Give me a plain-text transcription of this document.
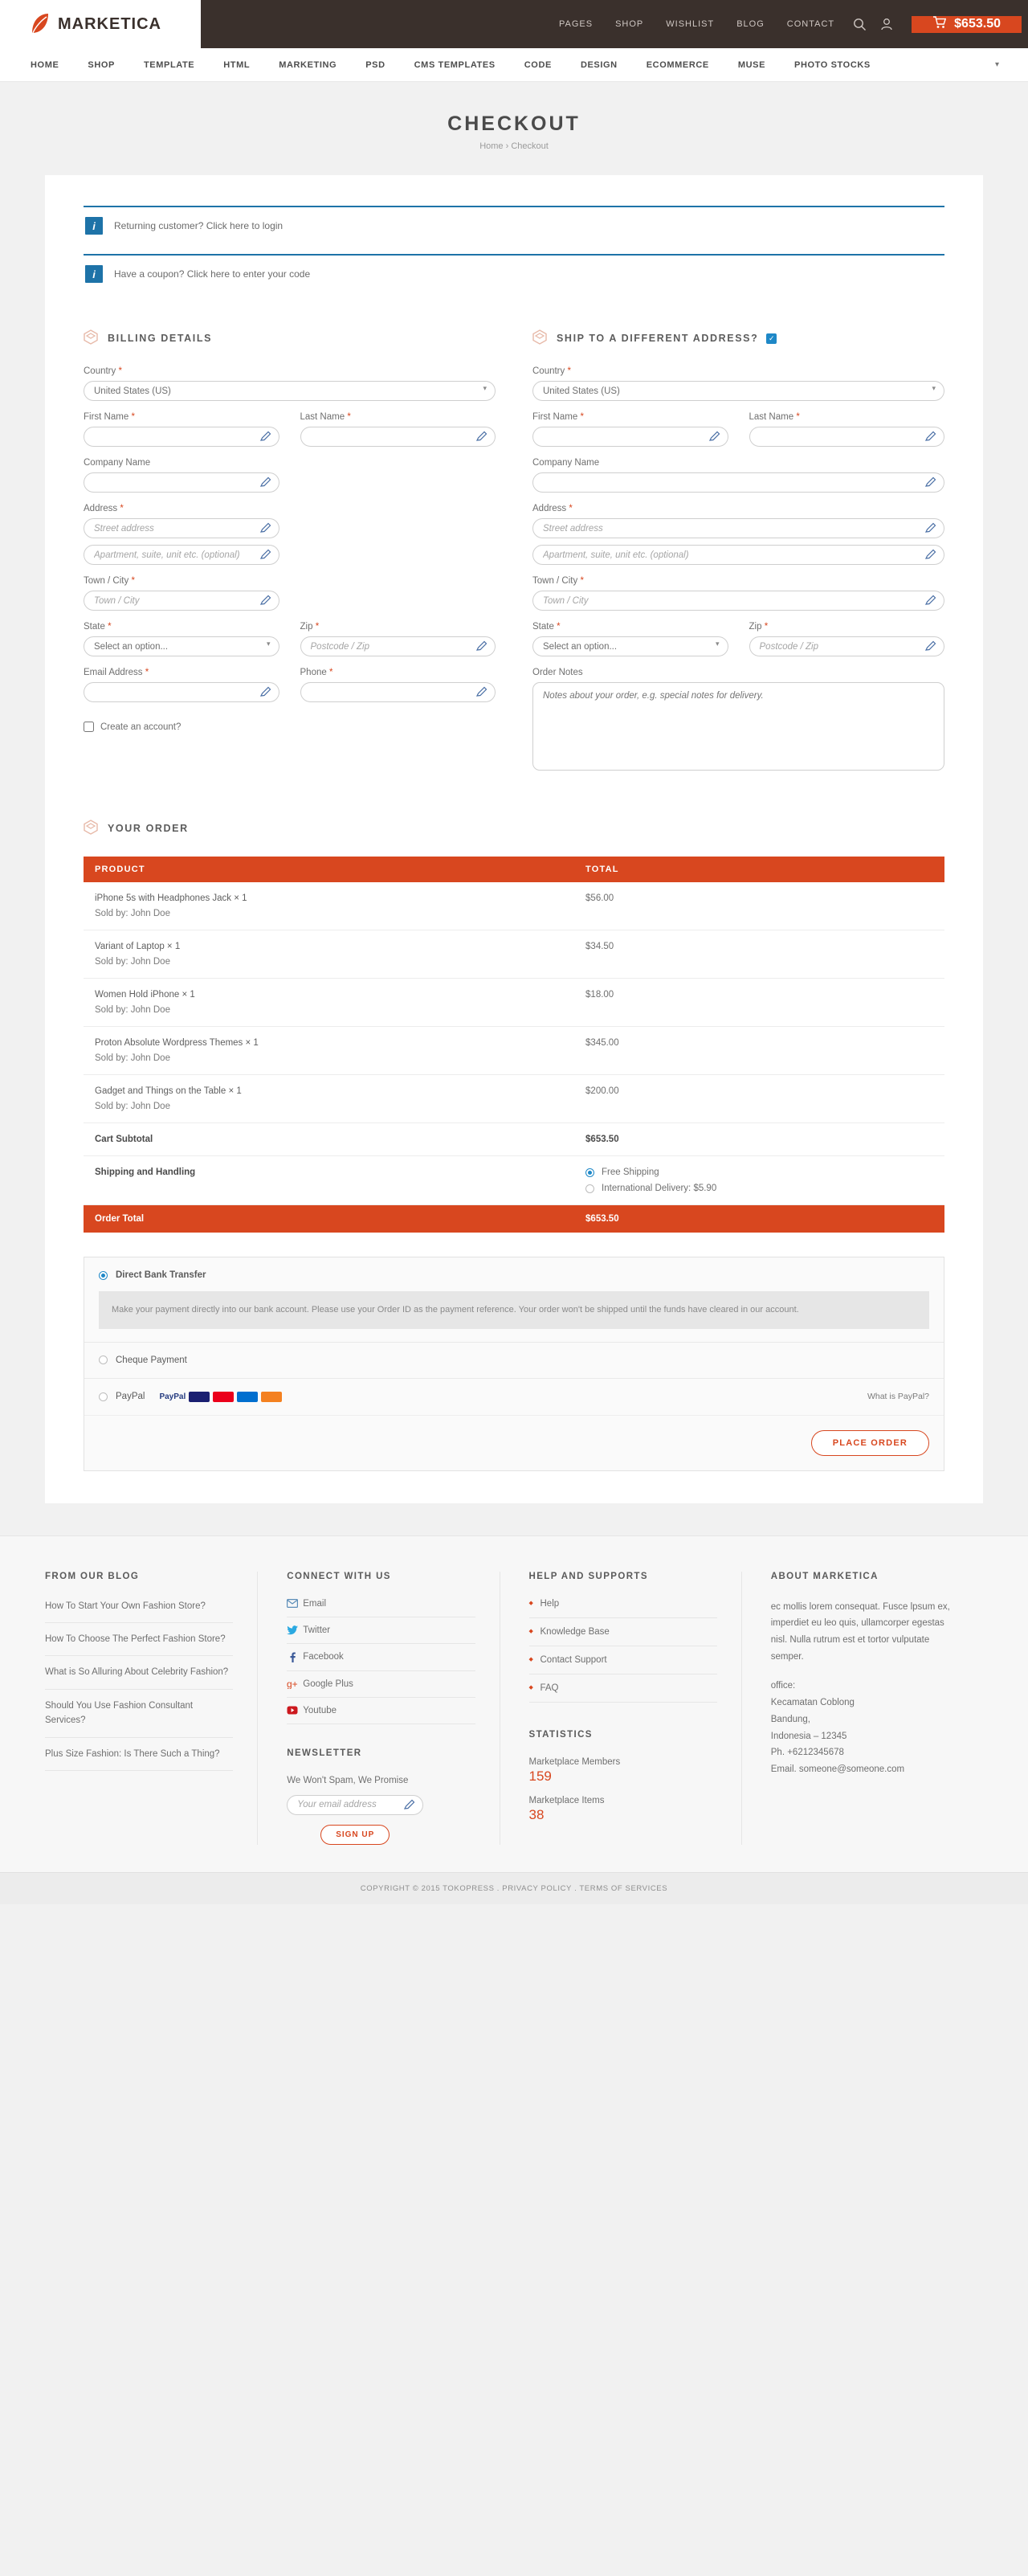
MARKETICA	PAGES	SHOP	WISHLIST	BLOG	CONTACT	$653.50
HOME	SHOP	TEMPLATE	HTML	MARKETING	PSD	CMS TEMPLATES	CODE	DESIGN	ECOMMERCE	MUSE	PHOTO STOCKS	▾
CHECKOUT
Home › Checkout
i	Returning customer? Click here to login
i	Have a coupon? Click here to enter your code
BILLING DETAILS
Country *
United States (US) ▾
First Name *	Last Name *
Company Name
Address *
Street address
Apartment, suite, unit etc. (optional)
Town / City *
Town / City
State *
Select an option... ▾	Zip *
Postcode / Zip
Email Address *	Phone *
Create an account?
SHIP TO A DIFFERENT ADDRESS?	✓
Country *
United States (US) ▾
First Name *	Last Name *
Company Name
Address *
Street address
Apartment, suite, unit etc. (optional)
Town / City *
Town / City
State *
Select an option... ▾	Zip *
Postcode / Zip
Order Notes
Notes about your order, e.g. special notes for delivery.
YOUR ORDER
PRODUCT	TOTAL

iPhone 5s with Headphones Jack × 1
Sold by: John Doe	$56.00

Variant of Laptop × 1
Sold by: John Doe	$34.50

Women Hold iPhone × 1
Sold by: John Doe	$18.00

Proton Absolute Wordpress Themes × 1
Sold by: John Doe	$345.00

Gadget and Things on the Table × 1
Sold by: John Doe	$200.00
Cart Subtotal	$653.50
Shipping and Handling	Free Shipping
International Delivery: $5.90

Order Total	$653.50
Direct Bank Transfer
Make your payment directly into our bank account. Please use your Order ID as the payment reference. Your order won't be shipped until the funds have cleared in our account.
Cheque Payment
PayPal PayPal	What is PayPal?
PLACE ORDER
FROM OUR BLOG
How To Start Your Own Fashion Store?
How To Choose The Perfect Fashion Store?
What is So Alluring About Celebrity Fashion?
Should You Use Fashion Consultant Services?
Plus Size Fashion: Is There Such a Thing?
CONNECT WITH US
Email
Twitter
Facebook
g+ Google Plus
Youtube
NEWSLETTER
We Won't Spam, We Promise
Your email address
SIGN UP
HELP AND SUPPORTS
◆ Help
◆ Knowledge Base
◆ Contact Support
◆ FAQ
STATISTICS
Marketplace Members
159
Marketplace Items
38
ABOUT MARKETICA
ec mollis lorem consequat. Fusce lpsum ex, imperdiet eu leo quis, ullamcorper egestas nisl. Nulla rutrum est et tortor vulputate semper.
office:
Kecamatan Coblong
Bandung,
Indonesia – 12345
Ph. +6212345678
Email. someone@someone.com
COPYRIGHT © 2015 TOKOPRESS . PRIVACY POLICY . TERMS OF SERVICES
